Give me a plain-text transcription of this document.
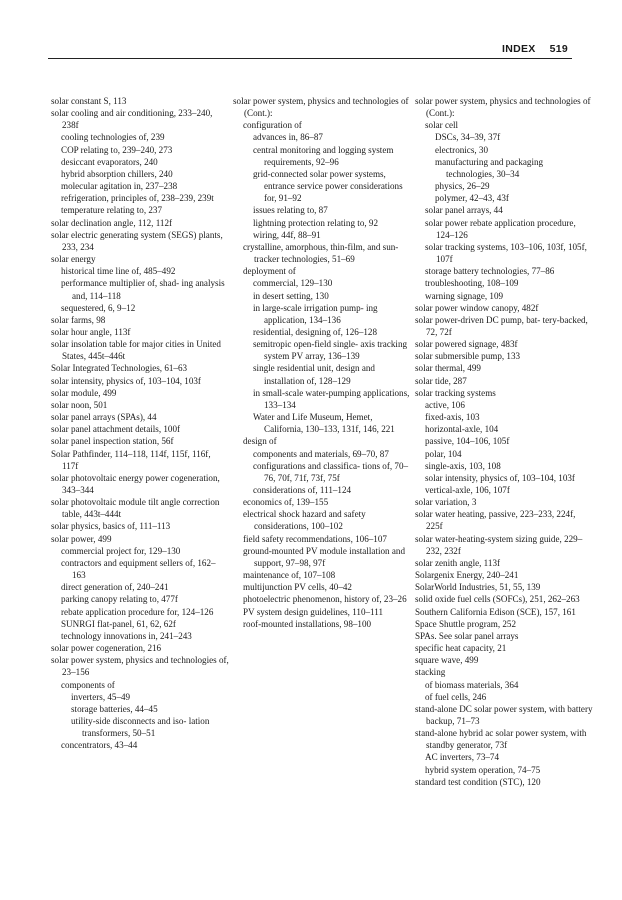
INDEX 519

solar constant S, 113

solar cooling and air conditioning, 233–240, 238f

cooling technologies of, 239

COP relating to, 239–240, 273

desiccant evaporators, 240

hybrid absorption chillers, 240

molecular agitation in, 237–238

refrigeration, principles of, 238–239, 239t

temperature relating to, 237

solar declination angle, 112, 112f

solar electric generating system (SEGS) plants, 233, 234

solar energy

historical time line of, 485–492

performance multiplier of, shad- ing analysis and, 114–118

sequestered, 6, 9–12

solar farms, 98

solar hour angle, 113f

solar insolation table for major cities in United States, 445t–446t

Solar Integrated Technologies, 61–63

solar intensity, physics of, 103–104, 103f

solar module, 499

solar noon, 501

solar panel arrays (SPAs), 44

solar panel attachment details, 100f

solar panel inspection station, 56f

Solar Pathfinder, 114–118, 114f, 115f, 116f, 117f

solar photovoltaic energy power cogeneration, 343–344

solar photovoltaic module tilt angle correction table, 443t–444t

solar physics, basics of, 111–113

solar power, 499

commercial project for, 129–130

contractors and equipment sellers of, 162–163

direct generation of, 240–241

parking canopy relating to, 477f

rebate application procedure for, 124–126

SUNRGI flat-panel, 61, 62, 62f

technology innovations in, 241–243

solar power cogeneration, 216

solar power system, physics and technologies of, 23–156

components of

inverters, 45–49

storage batteries, 44–45

utility-side disconnects and iso- lation transformers, 50–51

concentrators, 43–44

solar power system, physics and technologies of (Cont.):

configuration of

advances in, 86–87

central monitoring and logging system requirements, 92–96

grid-connected solar power systems, entrance service power considerations for, 91–92

issues relating to, 87

lightning protection relating to, 92

wiring, 44f, 88–91

crystalline, amorphous, thin-film, and sun-tracker technologies, 51–69

deployment of

commercial, 129–130

in desert setting, 130

in large-scale irrigation pump- ing application, 134–136

residential, designing of, 126–128

semitropic open-field single- axis tracking system PV array, 136–139

single residential unit, design and installation of, 128–129

in small-scale water-pumping applications, 133–134

Water and Life Museum, Hemet, California, 130–133, 131f, 146, 221

design of

components and materials, 69–70, 87

configurations and classifica- tions of, 70–76, 70f, 71f, 73f, 75f

considerations of, 111–124

economics of, 139–155

electrical shock hazard and safety considerations, 100–102

field safety recommendations, 106–107

ground-mounted PV module installation and support, 97–98, 97f

maintenance of, 107–108

multijunction PV cells, 40–42

photoelectric phenomenon, history of, 23–26

PV system design guidelines, 110–111

roof-mounted installations, 98–100

solar power system, physics and technologies of (Cont.):

solar cell

DSCs, 34–39, 37f

electronics, 30

manufacturing and packaging technologies, 30–34

physics, 26–29

polymer, 42–43, 43f

solar panel arrays, 44

solar power rebate application procedure, 124–126

solar tracking systems, 103–106, 103f, 105f, 107f

storage battery technologies, 77–86

troubleshooting, 108–109

warning signage, 109

solar power window canopy, 482f

solar power-driven DC pump, bat- tery-backed, 72, 72f

solar powered signage, 483f

solar submersible pump, 133

solar thermal, 499

solar tide, 287

solar tracking systems

active, 106

fixed-axis, 103

horizontal-axle, 104

passive, 104–106, 105f

polar, 104

single-axis, 103, 108

solar intensity, physics of, 103–104, 103f

vertical-axle, 106, 107f

solar variation, 3

solar water heating, passive, 223–233, 224f, 225f

solar water-heating-system sizing guide, 229–232, 232f

solar zenith angle, 113f

Solargenix Energy, 240–241

SolarWorld Industries, 51, 55, 139

solid oxide fuel cells (SOFCs), 251, 262–263

Southern California Edison (SCE), 157, 161

Space Shuttle program, 252

SPAs. See solar panel arrays

specific heat capacity, 21

square wave, 499

stacking

of biomass materials, 364

of fuel cells, 246

stand-alone DC solar power system, with battery backup, 71–73

stand-alone hybrid ac solar power system, with standby generator, 73f

AC inverters, 73–74

hybrid system operation, 74–75

standard test condition (STC), 120
